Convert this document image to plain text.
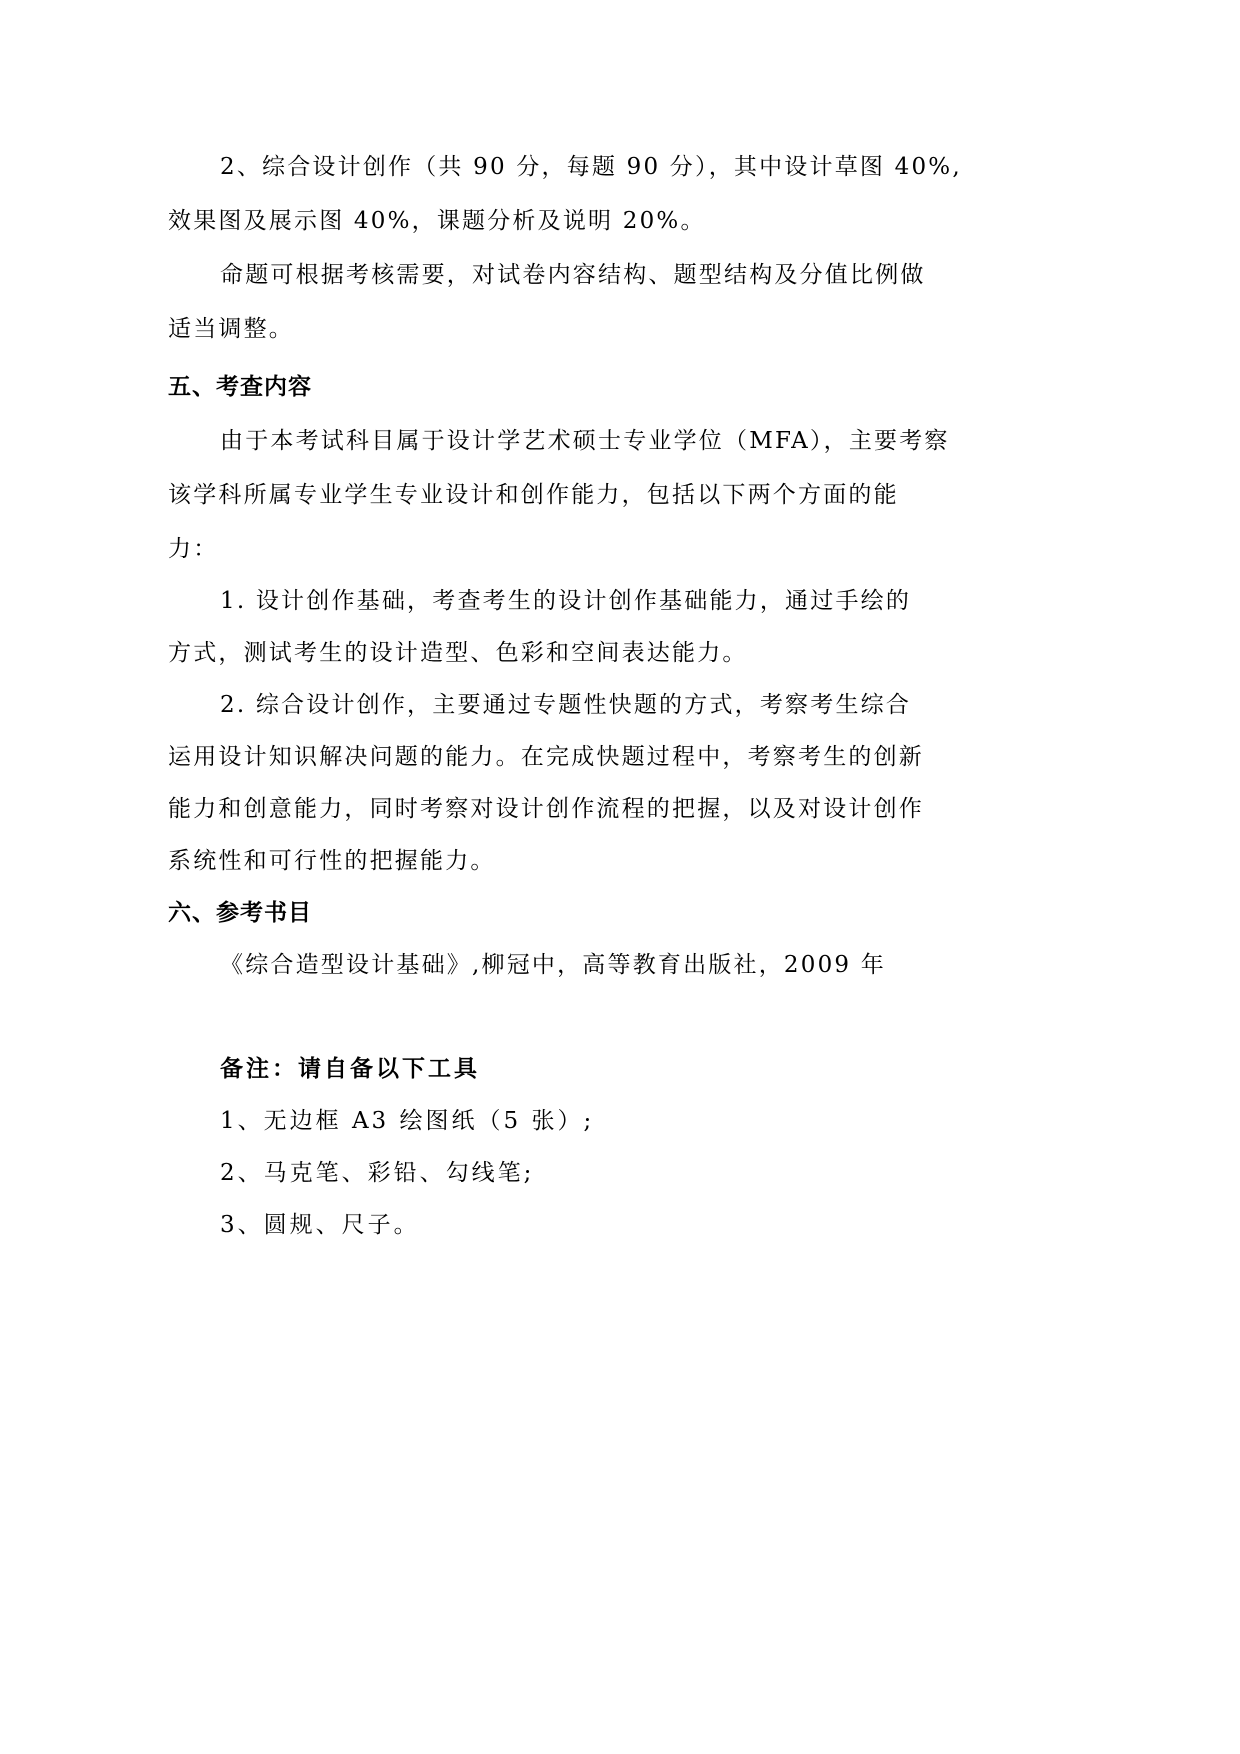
2、综合设计创作（共 90 分，每题 90 分），其中设计草图 40%,
效果图及展示图 40%，课题分析及说明 20%。
命题可根据考核需要，对试卷内容结构、题型结构及分值比例做
适当调整。
五、考查内容
由于本考试科目属于设计学艺术硕士专业学位（MFA），主要考察
该学科所属专业学生专业设计和创作能力，包括以下两个方面的能
力：
1. 设计创作基础，考查考生的设计创作基础能力，通过手绘的
方式，测试考生的设计造型、色彩和空间表达能力。
2. 综合设计创作，主要通过专题性快题的方式，考察考生综合
运用设计知识解决问题的能力。在完成快题过程中，考察考生的创新
能力和创意能力，同时考察对设计创作流程的把握，以及对设计创作
系统性和可行性的把握能力。
六、参考书目
《综合造型设计基础》,柳冠中，高等教育出版社，2009 年
备注：请自备以下工具
1、无边框 A3 绘图纸（5 张）;
2、马克笔、彩铅、勾线笔;
3、圆规、尺子。
